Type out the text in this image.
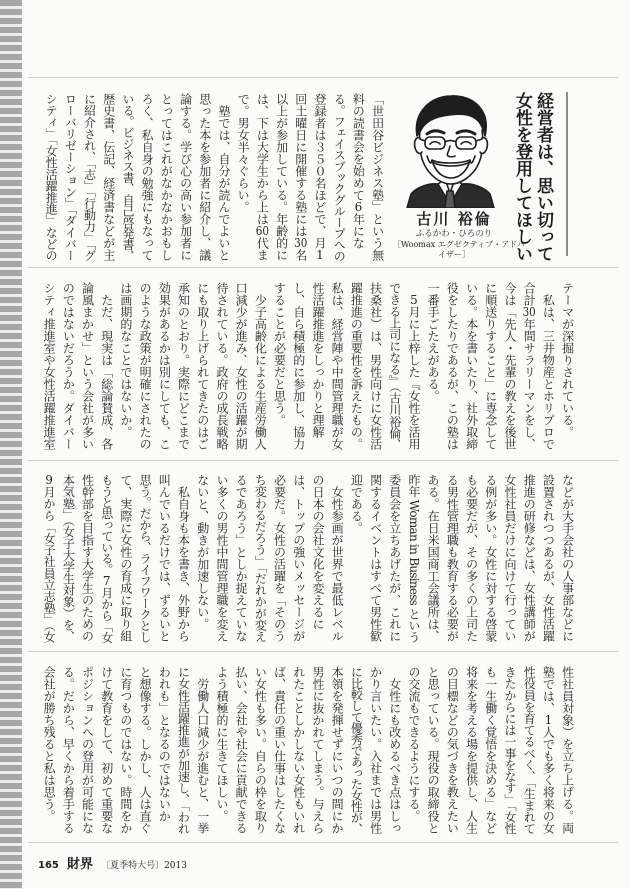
経営者は、思い切って
女性を登用してほしい
古川 裕倫
ふるかわ・ひろのり
［Woomax エグゼクティブ・アドバ
イザー］
「世田谷ビジネス塾」という無
料の読書会を始めて6年にな
る。フェイスブックグループへの
登録者は３５０名ほどで、月1
回土曜日に開催する塾には30名
以上が参加している。年齢的に
は、下は大学生から上は60代ま
で。男女半々ぐらい。
　塾では、自分が読んでよいと
思った本を参加者に紹介し、議
論する。学び心の高い参加者に
とってはこれがなかなかおもし
ろく、私自身の勉強にもなって
いる。ビジネス書、自己啓発書、
歴史書、伝記、経済書などが主
に紹介され、「志」「行動力」「グ
ローバリゼーション」「ダイバー
シティ」「女性活躍推進」などの
テーマが深掘りされている。
　私は、三井物産とホリプロで
合計30年間サラリーマンをし、
今は「先人・先輩の教えを後世
に順送りすること」に専念して
いる。本を書いたり、社外取締
役をしたりであるが、この塾は
一番手ごたえがある。
　5月に上梓した『女性を活用
できる上司になる』（古川裕倫、
扶桑社）は、男性向けに女性活
躍推進の重要性を訴えたもの。
私は、経営陣や中間管理職が女
性活躍推進をしっかりと理解
し、自ら積極的に参加し、協力
することが必要だと思う。
　少子高齢化による生産労働人
口減少が進み、女性の活躍が期
待されている。政府の成長戦略
にも取り上げられてきたのはご
承知のとおり。実際にどこまで
効果があるかは別にしても、こ
のような政策が明確にされたの
は画期的なことではないか。
　ただ、現実は「総論賛成、各
論風まかせ」という会社が多い
のではないだろうか。ダイバー
シティ推進室や女性活躍推進室
などが大手会社の人事部などに
設置されつつあるが、女性活躍
推進の研修などは、女性講師が
女性社員だけに向けて行ってい
る例が多い。女性に対する啓蒙
も必要だが、その多くの上司た
る男性管理職も教育する必要が
ある。在日米国商工会議所は、
昨年 Woman in Business という
委員会を立ちあげたが、これに
関するイベントはすべて男性歓
迎である。
　女性参画が世界で最低レベル
の日本の会社文化を変えるに
は、トップの強いメッセージが
必要だ。女性の活躍を「そのう
ち変わるだろう」「だれかが変え
るであろう」としか捉えていな
い多くの男性中間管理職を変え
ないと、動きが加速しない。
　私自身も本を書き、外野から
叫んでいるだけでは、ずるいと
思う。だから、ライフワークとし
て、実際に女性の育成に取り組
もうと思っている。7月から「女
性幹部を目指す大学生のための
本気塾」（女子大学生対象）を、
9月から「女子社員立志塾」（女
性社員対象）を立ち上げる。両
塾では、1人でも多く将来の女
性役員を育てるべく、「生まれて
きたからには一事をなす」「女性
も一生働く覚悟を決める」など
将来を考える場を提供し、人生
の目標などの気づきを教えたい
と思っている。現役の取締役と
の交流もできるようにする。
　女性にも改めるべき点はしっ
かり言いたい。入社までは男性
に比較して優秀であった女性が、
本領を発揮せずにいつの間にか
男性に抜かれてしまう。与えら
れたことしかしない女性もいれ
ば、責任の重い仕事はしたくな
い女性も多い。自らの枠を取り
払い、会社や社会に貢献できる
よう積極的に生きてほしい。
　労働人口減少が進むと、一挙
に女性活躍推進が加速し、「われ
われも」となるのではないか
と想像する。しかし、人は直ぐ
に育つものではない。時間をか
けて教育をして、初めて重要な
ポジションへの登用が可能にな
る。だから、早くから着手する
会社が勝ち残ると私は思う。
165 財界 〔夏季特大号〕2013
